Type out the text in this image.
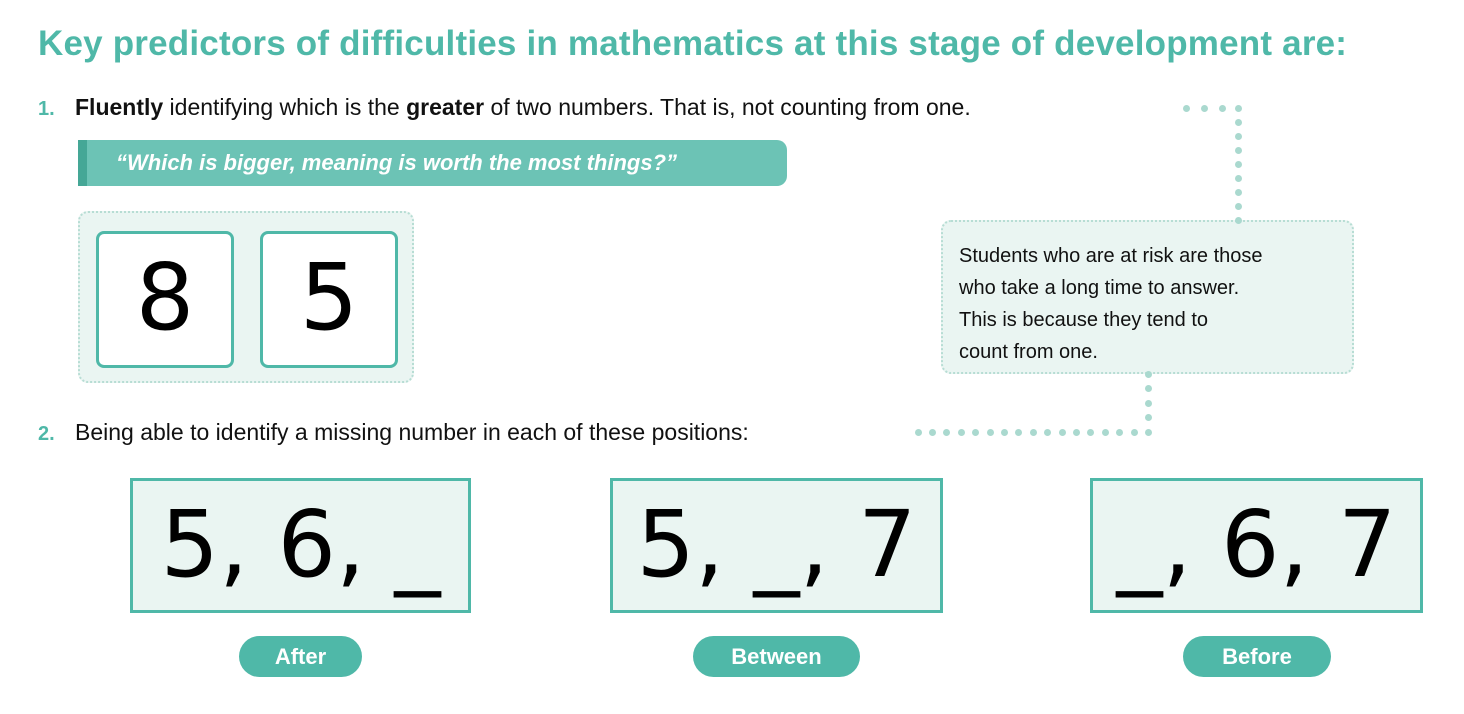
Key predictors of difficulties in mathematics at this stage of development are:
1. Fluently identifying which is the greater of two numbers. That is, not counting from one.
“Which is bigger, meaning is worth the most things?”
8	5	Students who are at risk are those
who take a long time to answer.
This is because they tend to
count from one.
2. Being able to identify a missing number in each of these positions:
5, 6, _	5, _, 7 _, 6, 7
After	Between	Before
